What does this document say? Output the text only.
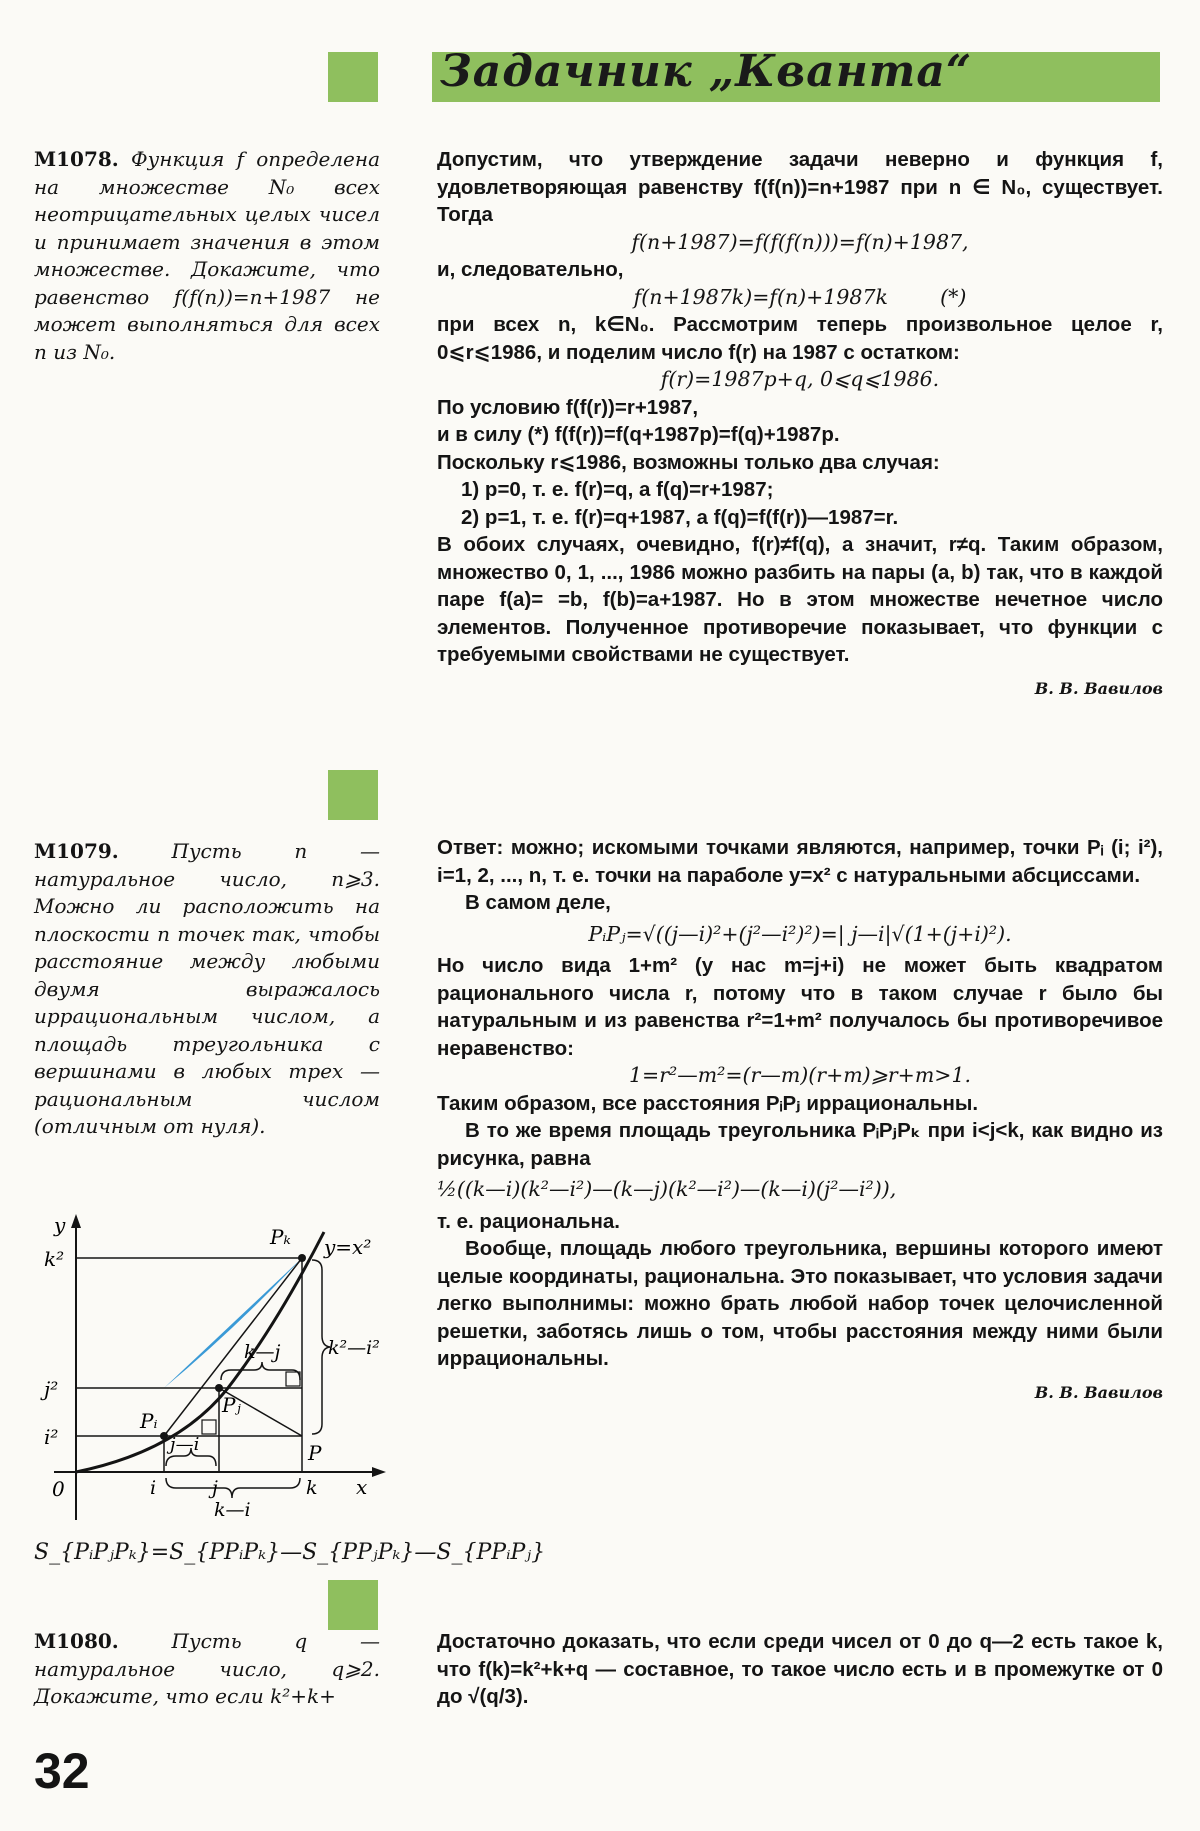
Задачник „Кванта“
M1078. Функция f определена на множестве N₀ всех неотрицательных целых чисел и принимает значения в этом множестве. Докажите, что равенство f(f(n))=n+1987 не может выполняться для всех n из N₀.

Допустим, что утверждение задачи неверно и функция f, удовлетворяющая равенству f(f(n))=n+1987 при n ∈ N₀, существует. Тогда

f(n+1987)=f(f(f(n)))=f(n)+1987,

и, следовательно,

f(n+1987k)=f(n)+1987k        (*)

при всех n, k∈N₀. Рассмотрим теперь произвольное целое r, 0⩽r⩽1986, и поделим число f(r) на 1987 с остатком:

f(r)=1987p+q, 0⩽q⩽1986.

По условию f(f(r))=r+1987,

и в силу (*) f(f(r))=f(q+1987p)=f(q)+1987p.

Поскольку r⩽1986, возможны только два случая:

1) p=0, т. е. f(r)=q, а f(q)=r+1987;

2) p=1, т. е. f(r)=q+1987, а f(q)=f(f(r))—1987=r.

В обоих случаях, очевидно, f(r)≠f(q), а значит, r≠q. Таким образом, множество 0, 1, ..., 1986 можно разбить на пары (a, b) так, что в каждой паре f(a)= =b, f(b)=a+1987. Но в этом множестве нечетное число элементов. Полученное противоречие показывает, что функции с требуемыми свойствами не существует.

В. В. Вавилов

M1079.	Пусть n — натуральное число, n⩾3. Можно ли расположить на плоскости n точек так, чтобы расстояние между любыми двумя выражалось иррациональным числом, а площадь треугольника с вершинами в любых трех — рациональным числом (отличным от нуля).

Ответ: можно; искомыми точками являются, например, точки Pᵢ (i; i²), i=1, 2, ..., n, т. е. точки на параболе y=x² с натуральными абсциссами.

В самом деле,

PᵢPⱼ=√((j—i)²+(j²—i²)²)=| j—i|√(1+(j+i)²).

Но число вида 1+m² (у нас m=j+i) не может быть квадратом рационального числа r, потому что в таком случае r было бы натуральным и из равенства r²=1+m² получалось бы противоречивое неравенство:

1=r²—m²=(r—m)(r+m)⩾r+m>1.

Таким образом, все расстояния PᵢPⱼ иррациональны.

В то же время площадь треугольника PᵢPⱼPₖ при i<j<k, как видно из рисунка, равна

½((k—i)(k²—i²)—(k—j)(k²—i²)—(k—i)(j²—i²)),

т. е. рациональна.

Вообще, площадь любого треугольника, вершины которого имеют целые координаты, рациональна. Это показывает, что условия задачи легко выполнимы: можно брать любой набор точек целочисленной решетки, заботясь лишь о том, чтобы расстояния между ними были иррациональны.

В. В. Вавилов

y
x
0
k²
j²
i²
y=x²
Pₖ
Pⱼ
Pᵢ
P
k—j	k²—i²
j—i
k—i
i	j	k
S_{PᵢPⱼPₖ}=S_{PPᵢPₖ}—S_{PPⱼPₖ}—S_{PPᵢPⱼ}
M1080.	Пусть q — натуральное число, q⩾2. Докажите, что если k²+k+

Достаточно доказать, что если среди чисел от 0 до q—2 есть такое k, что f(k)=k²+k+q — составное, то такое число есть и в промежутке от 0 до √(q/3).

32
